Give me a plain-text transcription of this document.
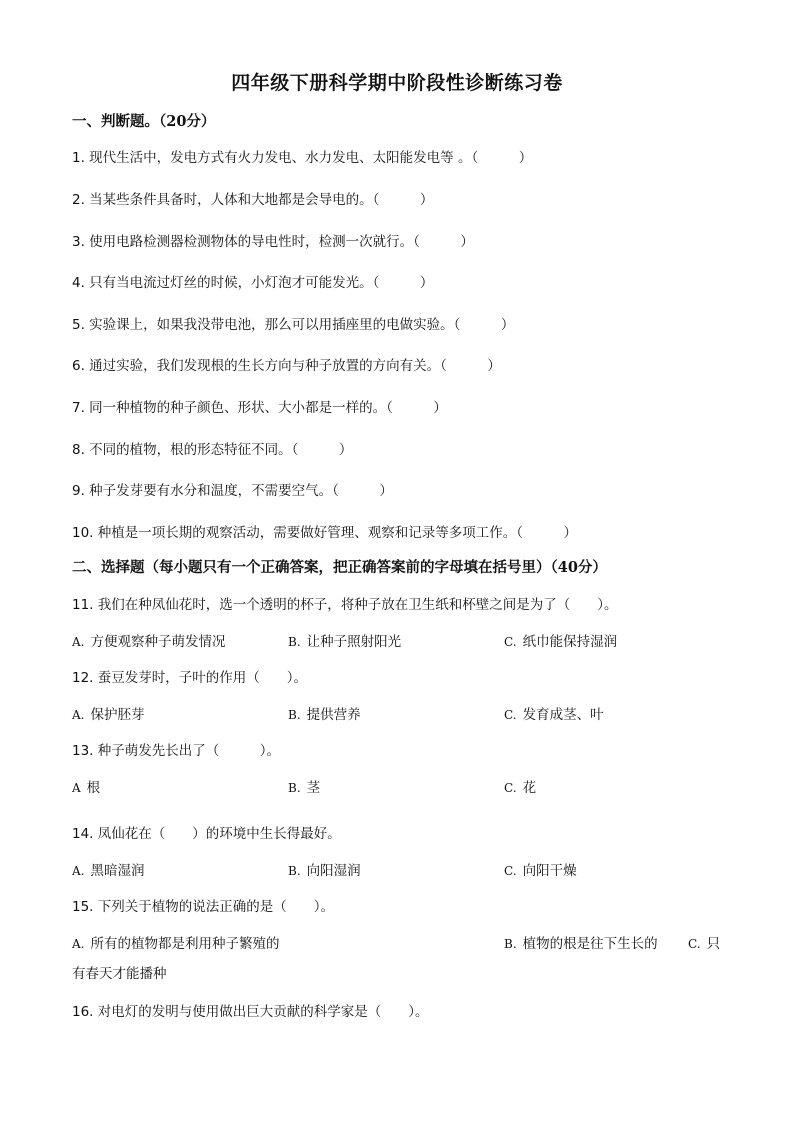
四年级下册科学期中阶段性诊断练习卷
一、判断题。（20分）
1. 现代生活中，发电方式有火力发电、水力发电、太阳能发电等 。（　　　）
2. 当某些条件具备时，人体和大地都是会导电的。（　　　）
3. 使用电路检测器检测物体的导电性时，检测一次就行。（　　　）
4. 只有当电流过灯丝的时候，小灯泡才可能发光。（　　　）
5. 实验课上，如果我没带电池，那么可以用插座里的电做实验。（　　　）
6. 通过实验，我们发现根的生长方向与种子放置的方向有关。（　　　）
7. 同一种植物的种子颜色、形状、大小都是一样的。（　　　）
8. 不同的植物，根的形态特征不同。（　　　）
9. 种子发芽要有水分和温度，不需要空气。（　　　）
10. 种植是一项长期的观察活动，需要做好管理、观察和记录等多项工作。（　　　）
二、选择题（每小题只有一个正确答案，把正确答案前的字母填在括号里）（40分）
11. 我们在种凤仙花时，选一个透明的杯子，将种子放在卫生纸和杯壁之间是为了（　　）。
A. 方便观察种子萌发情况	B. 让种子照射阳光	C. 纸巾能保持湿润
12. 蚕豆发芽时，子叶的作用（　　）。
A. 保护胚芽	B. 提供营养	C. 发育成茎、叶
13. 种子萌发先长出了（　　　）。
A 根	B. 茎	C. 花
14. 凤仙花在（　　）的环境中生长得最好。
A. 黑暗湿润	B. 向阳湿润	C. 向阳干燥
15. 下列关于植物的说法正确的是（　　）。
A. 所有的植物都是利用种子繁殖的	B. 植物的根是往下生长的	C. 只
有春天才能播种
16. 对电灯的发明与使用做出巨大贡献的科学家是（　　）。
